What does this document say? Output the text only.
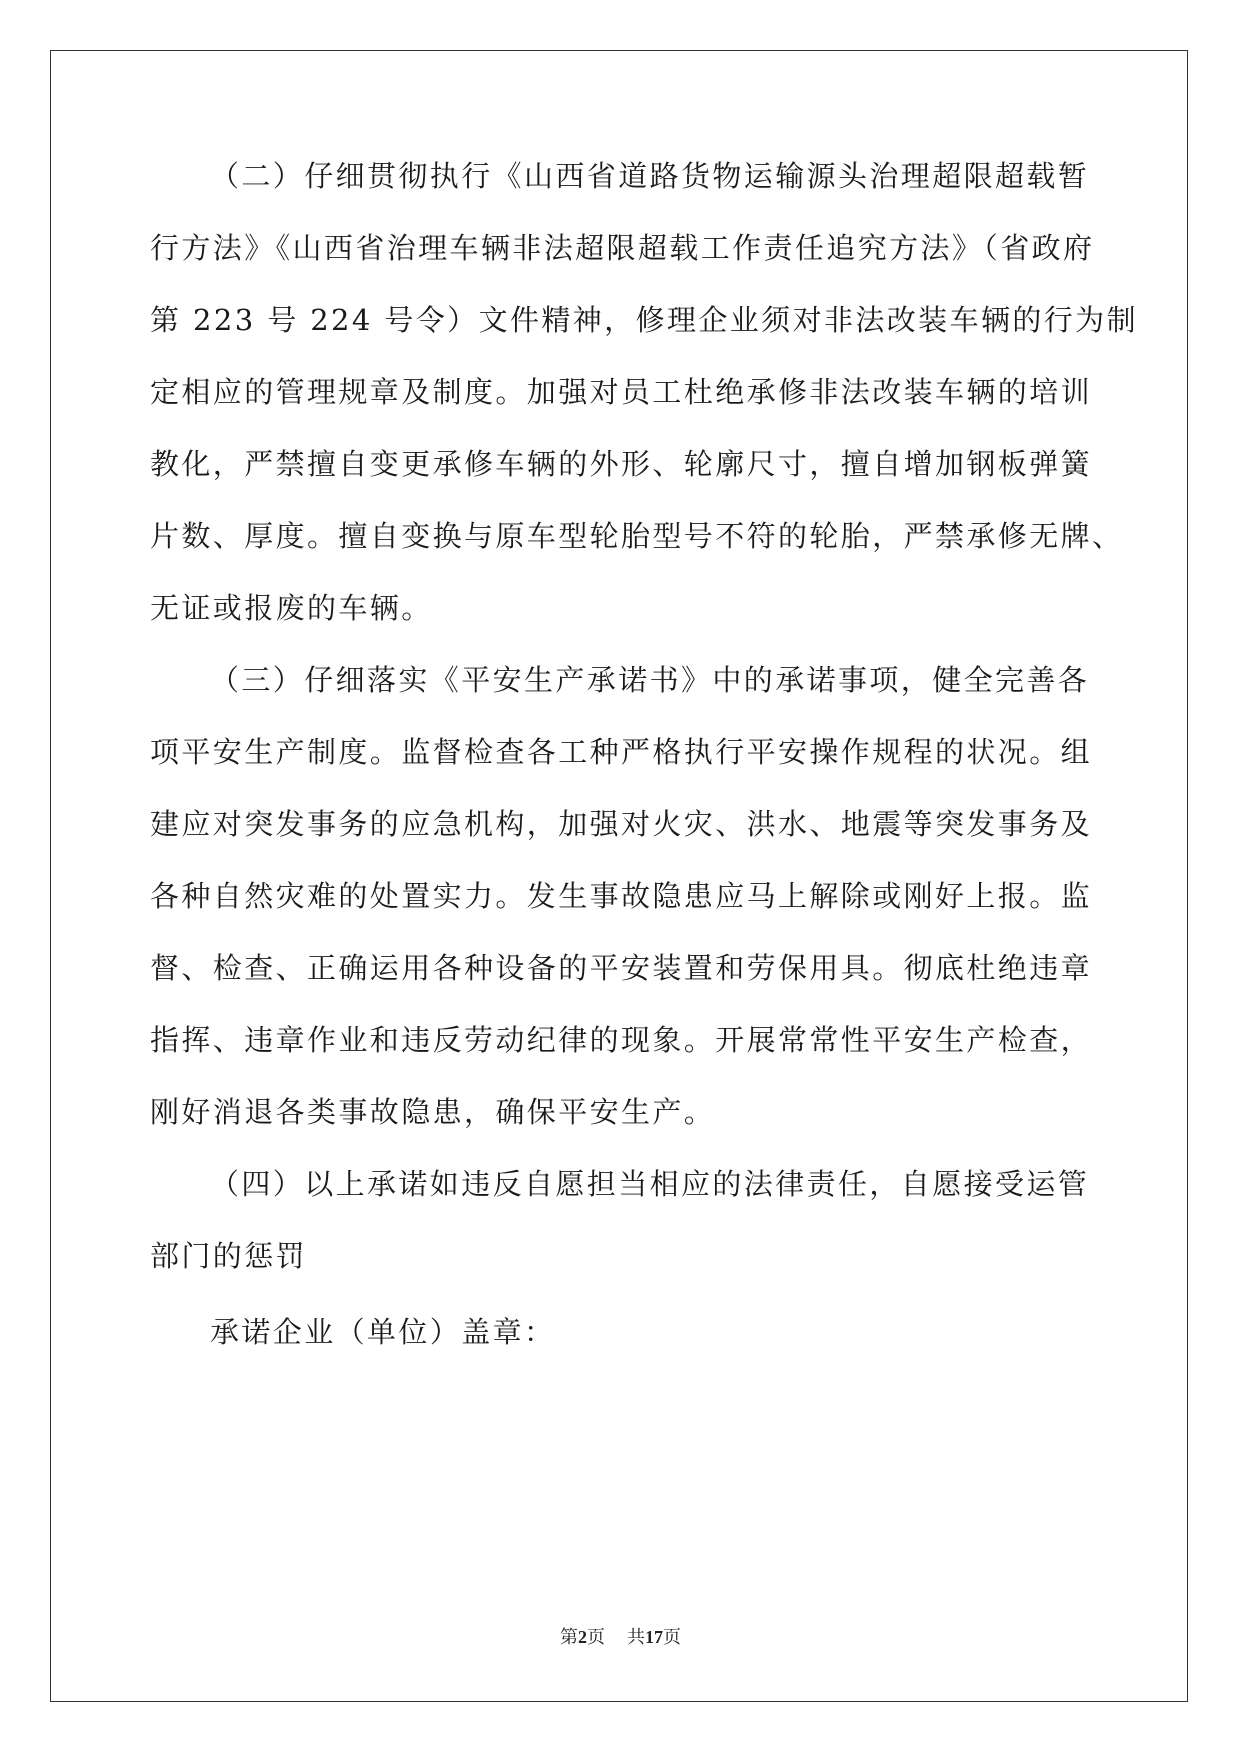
（二）仔细贯彻执行《山西省道路货物运输源头治理超限超载暂
行方法》《山西省治理车辆非法超限超载工作责任追究方法》（省政府
第 223 号 224 号令）文件精神，修理企业须对非法改装车辆的行为制
定相应的管理规章及制度。加强对员工杜绝承修非法改装车辆的培训
教化，严禁擅自变更承修车辆的外形、轮廓尺寸，擅自增加钢板弹簧
片数、厚度。擅自变换与原车型轮胎型号不符的轮胎，严禁承修无牌、
无证或报废的车辆。
（三）仔细落实《平安生产承诺书》中的承诺事项，健全完善各
项平安生产制度。监督检查各工种严格执行平安操作规程的状况。组
建应对突发事务的应急机构，加强对火灾、洪水、地震等突发事务及
各种自然灾难的处置实力。发生事故隐患应马上解除或刚好上报。监
督、检查、正确运用各种设备的平安装置和劳保用具。彻底杜绝违章
指挥、违章作业和违反劳动纪律的现象。开展常常性平安生产检查，
刚好消退各类事故隐患，确保平安生产。
（四）以上承诺如违反自愿担当相应的法律责任，自愿接受运管
部门的惩罚
承诺企业（单位）盖章：
第2页 共17页
